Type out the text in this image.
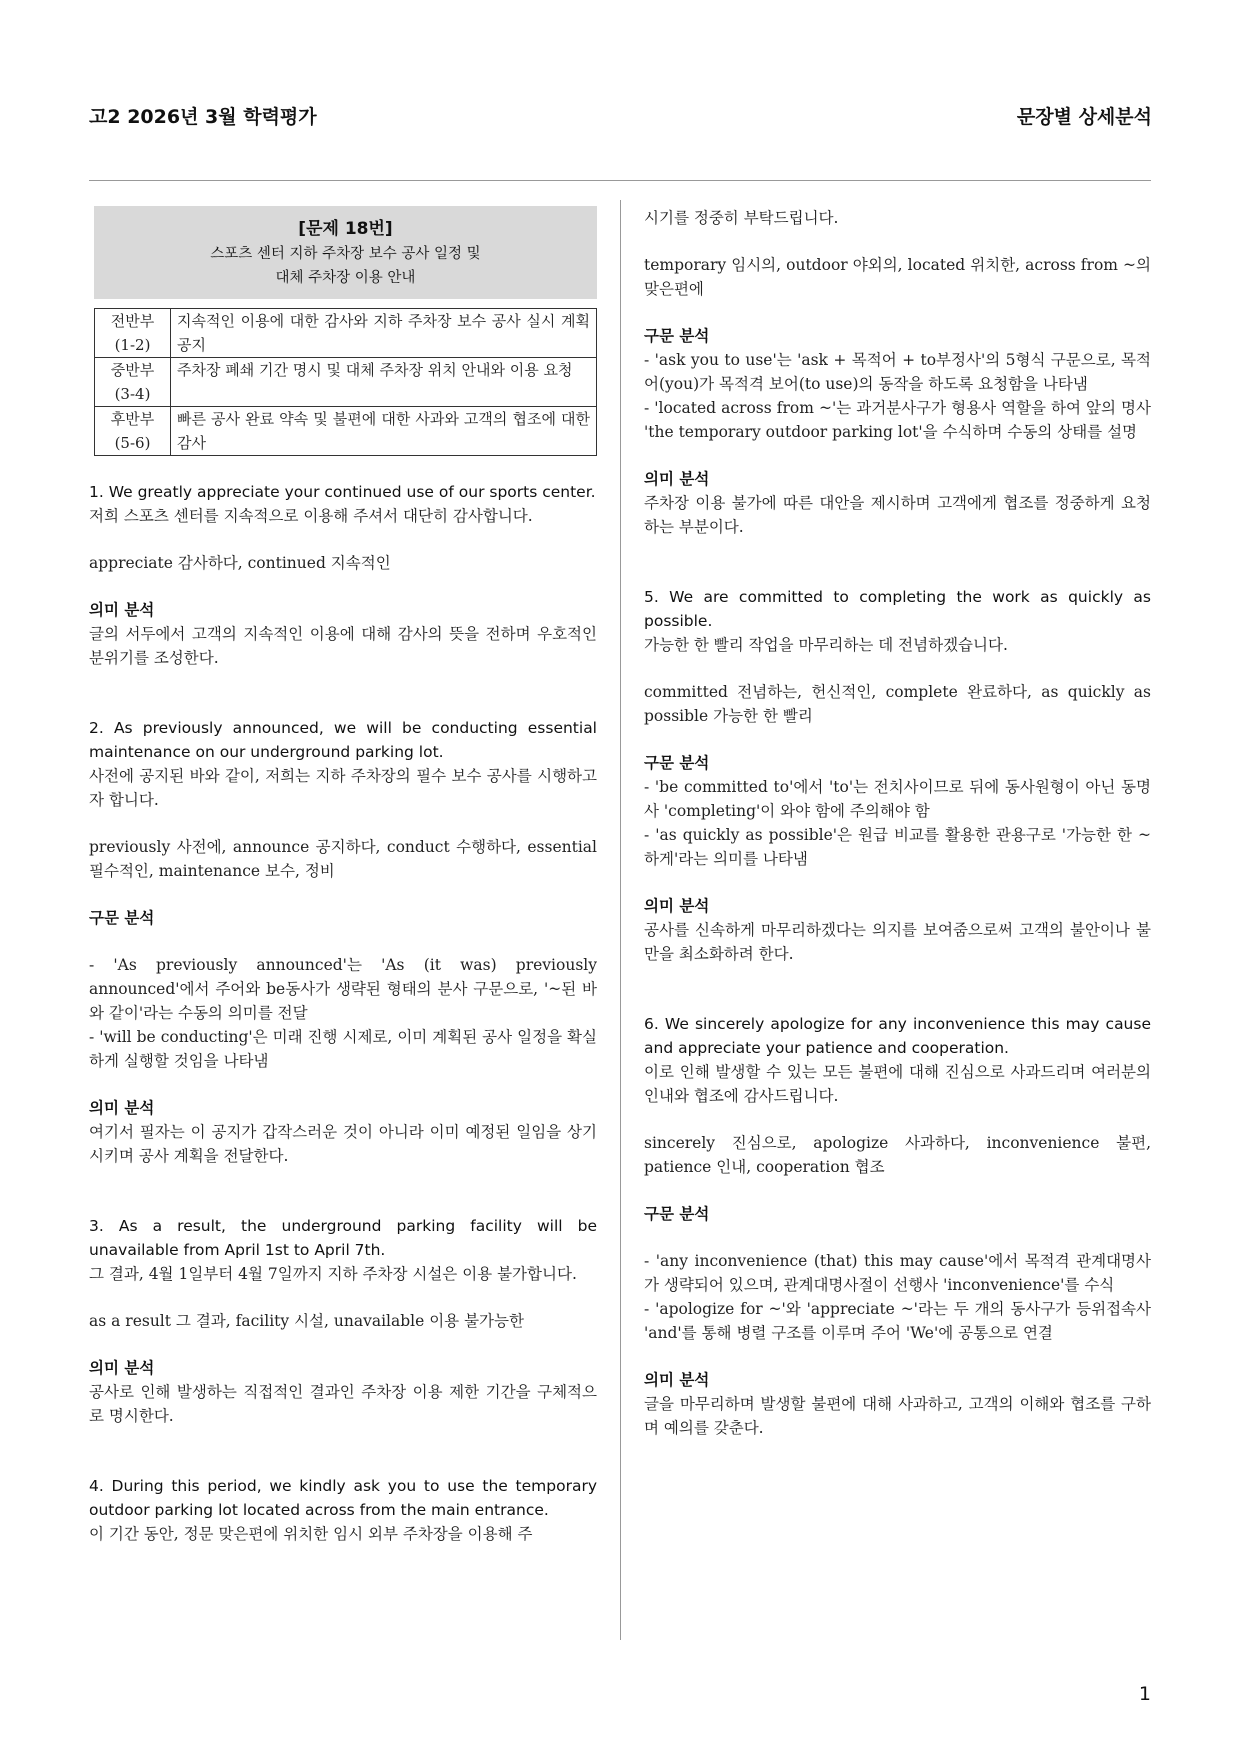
고2 2026년 3월 학력평가	문장별 상세분석
[문제 18번]
스포츠 센터 지하 주차장 보수 공사 일정 및
대체 주차장 이용 안내
전반부
(1-2)	지속적인 이용에 대한 감사와 지하 주차장 보수 공사 실시 계획 공지
중반부
(3-4)	주차장 폐쇄 기간 명시 및 대체 주차장 위치 안내와 이용 요청
후반부
(5-6)	빠른 공사 완료 약속 및 불편에 대한 사과와 고객의 협조에 대한 감사
1. We greatly appreciate your continued use of our sports center.
저희 스포츠 센터를 지속적으로 이용해 주셔서 대단히 감사합니다.
appreciate 감사하다, continued 지속적인
의미 분석
글의 서두에서 고객의 지속적인 이용에 대해 감사의 뜻을 전하며 우호적인 분위기를 조성한다.
2. As previously announced, we will be conducting essential maintenance on our underground parking lot.
사전에 공지된 바와 같이, 저희는 지하 주차장의 필수 보수 공사를 시행하고자 합니다.
previously 사전에, announce 공지하다, conduct 수행하다, essential 필수적인, maintenance 보수, 정비
구문 분석
- 'As previously announced'는 'As (it was) previously announced'에서 주어와 be동사가 생략된 형태의 분사 구문으로, '~된 바와 같이'라는 수동의 의미를 전달
- 'will be conducting'은 미래 진행 시제로, 이미 계획된 공사 일정을 확실하게 실행할 것임을 나타냄
의미 분석
여기서 필자는 이 공지가 갑작스러운 것이 아니라 이미 예정된 일임을 상기시키며 공사 계획을 전달한다.
3. As a result, the underground parking facility will be unavailable from April 1st to April 7th.
그 결과, 4월 1일부터 4월 7일까지 지하 주차장 시설은 이용 불가합니다.
as a result 그 결과, facility 시설, unavailable 이용 불가능한
의미 분석
공사로 인해 발생하는 직접적인 결과인 주차장 이용 제한 기간을 구체적으로 명시한다.
4. During this period, we kindly ask you to use the temporary outdoor parking lot located across from the main entrance.
이 기간 동안, 정문 맞은편에 위치한 임시 외부 주차장을 이용해 주
시기를 정중히 부탁드립니다.
temporary 임시의, outdoor 야외의, located 위치한, across from ~의 맞은편에
구문 분석
- 'ask you to use'는 'ask + 목적어 + to부정사'의 5형식 구문으로, 목적어(you)가 목적격 보어(to use)의 동작을 하도록 요청함을 나타냄
- 'located across from ~'는 과거분사구가 형용사 역할을 하여 앞의 명사 'the temporary outdoor parking lot'을 수식하며 수동의 상태를 설명
의미 분석
주차장 이용 불가에 따른 대안을 제시하며 고객에게 협조를 정중하게 요청하는 부분이다.
5. We are committed to completing the work as quickly as possible.
가능한 한 빨리 작업을 마무리하는 데 전념하겠습니다.
committed 전념하는, 헌신적인, complete 완료하다, as quickly as possible 가능한 한 빨리
구문 분석
- 'be committed to'에서 'to'는 전치사이므로 뒤에 동사원형이 아닌 동명사 'completing'이 와야 함에 주의해야 함
- 'as quickly as possible'은 원급 비교를 활용한 관용구로 '가능한 한 ~하게'라는 의미를 나타냄
의미 분석
공사를 신속하게 마무리하겠다는 의지를 보여줌으로써 고객의 불안이나 불만을 최소화하려 한다.
6. We sincerely apologize for any inconvenience this may cause and appreciate your patience and cooperation.
이로 인해 발생할 수 있는 모든 불편에 대해 진심으로 사과드리며 여러분의 인내와 협조에 감사드립니다.
sincerely 진심으로, apologize 사과하다, inconvenience 불편, patience 인내, cooperation 협조
구문 분석
- 'any inconvenience (that) this may cause'에서 목적격 관계대명사가 생략되어 있으며, 관계대명사절이 선행사 'inconvenience'를 수식
- 'apologize for ~'와 'appreciate ~'라는 두 개의 동사구가 등위접속사 'and'를 통해 병렬 구조를 이루며 주어 'We'에 공통으로 연결
의미 분석
글을 마무리하며 발생할 불편에 대해 사과하고, 고객의 이해와 협조를 구하며 예의를 갖춘다.
1
